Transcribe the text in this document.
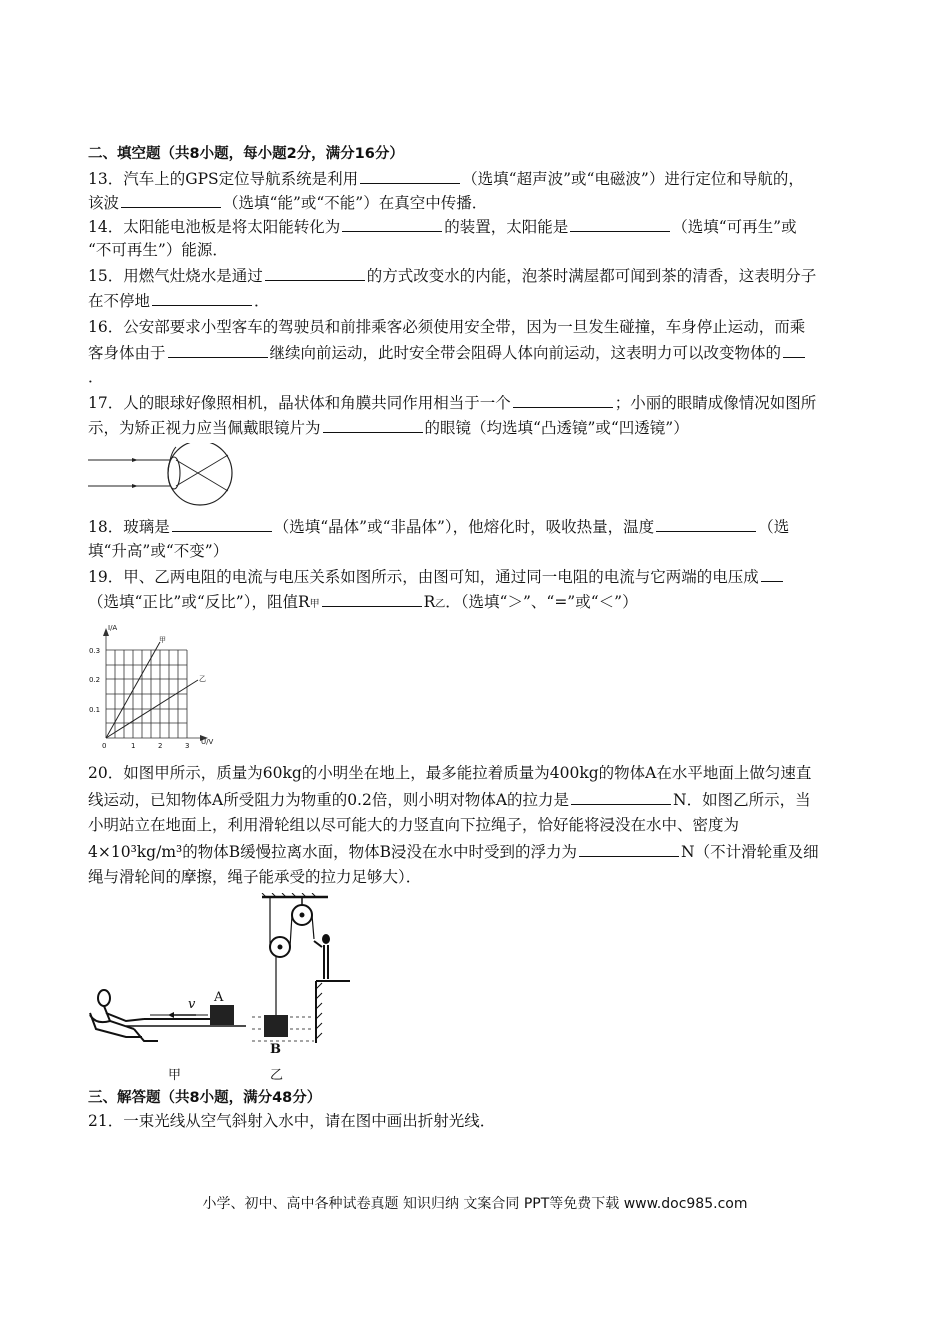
二、填空题（共8小题，每小题2分，满分16分）
13．汽车上的GPS定位导航系统是利用	（选填“超声波”或“电磁波”）进行定位和导航的，
该波	（选填“能”或“不能”）在真空中传播．
14．太阳能电池板是将太阳能转化为	的装置，太阳能是	（选填“可再生”或
“不可再生”）能源．
15．用燃气灶烧水是通过	的方式改变水的内能，泡茶时满屋都可闻到茶的清香，这表明分子
在不停地	．
16．公安部要求小型客车的驾驶员和前排乘客必须使用安全带，因为一旦发生碰撞，车身停止运动，而乘
客身体由于	继续向前运动，此时安全带会阻碍人体向前运动，这表明力可以改变物体的
．
17．人的眼球好像照相机，晶状体和角膜共同作用相当于一个	；小丽的眼睛成像情况如图所
示，为矫正视力应当佩戴眼镜片为	的眼镜（均选填“凸透镜”或“凹透镜”）
18．玻璃是	（选填“晶体”或“非晶体”），他熔化时，吸收热量，温度	（选
填“升高”或“不变”）
19．甲、乙两电阻的电流与电压关系如图所示，由图可知，通过同一电阻的电流与它两端的电压成
（选填“正比”或“反比”），阻值R甲	R乙．（选填“＞”、“=”或“＜”）
I/A
U/V
0.3
0.2
0.1
0	1	2	3
甲
乙
20．如图甲所示，质量为60kg的小明坐在地上，最多能拉着质量为400kg的物体A在水平地面上做匀速直
线运动，已知物体A所受阻力为物重的0.2倍，则小明对物体A的拉力是	N．如图乙所示，当
小明站立在地面上，利用滑轮组以尽可能大的力竖直向下拉绳子，恰好能将浸没在水中、密度为
4×10³kg/m³的物体B缓慢拉离水面，物体B浸没在水中时受到的浮力为	N（不计滑轮重及细
绳与滑轮间的摩擦，绳子能承受的拉力足够大）．
v A
甲
B
乙
三、解答题（共8小题，满分48分）
21．一束光线从空气斜射入水中，请在图中画出折射光线．
小学、初中、高中各种试卷真题 知识归纳 文案合同 PPT等免费下载 www.doc985.com
